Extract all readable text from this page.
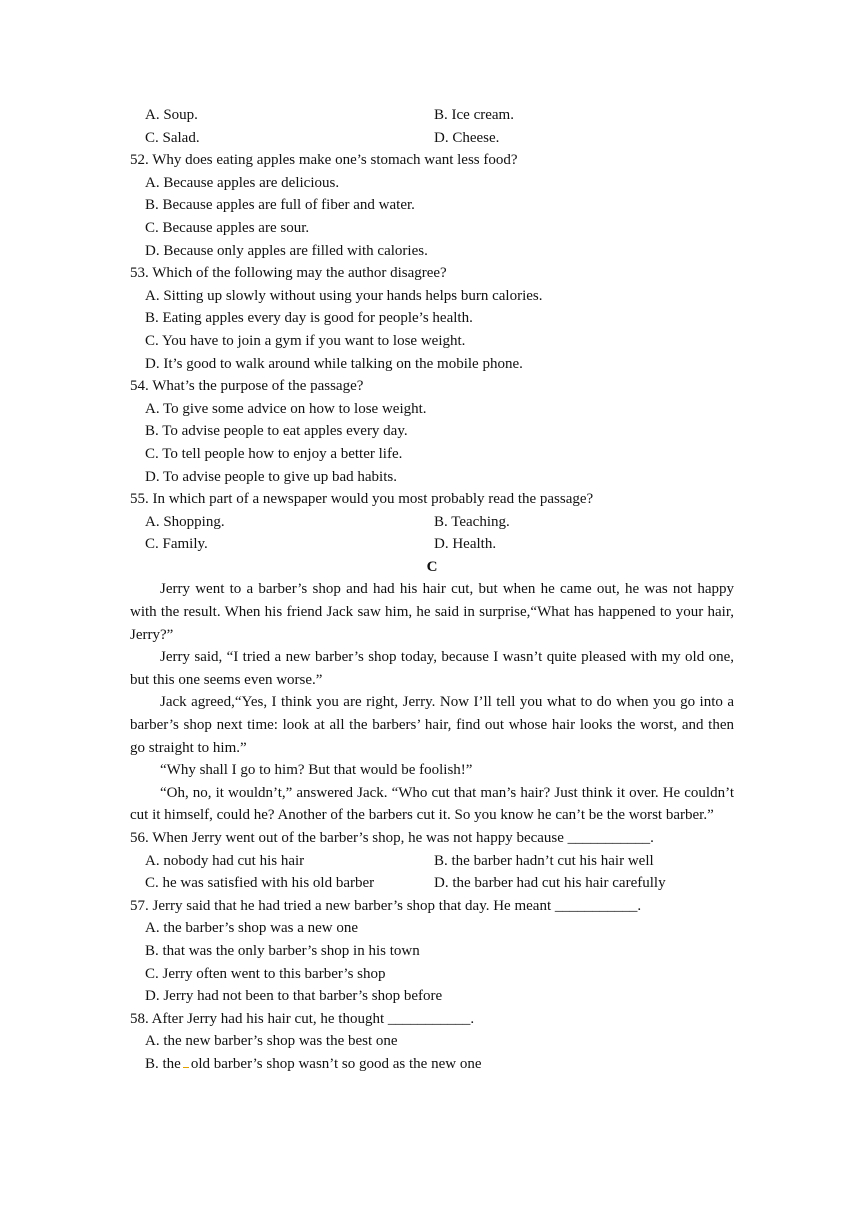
A. Soup.	B. Ice cream.
C. Salad.	D. Cheese.
52. Why does eating apples make one’s stomach want less food?
A. Because apples are delicious.
B. Because apples are full of fiber and water.
C. Because apples are sour.
D. Because only apples are filled with calories.
53. Which of the following may the author disagree?
A. Sitting up slowly without using your hands helps burn calories.
B. Eating apples every day is good for people’s health.
C. You have to join a gym if you want to lose weight.
D. It’s good to walk around while talking on the mobile phone.
54. What’s the purpose of the passage?
A. To give some advice on how to lose weight.
B. To advise people to eat apples every day.
C. To tell people how to enjoy a better life.
D. To advise people to give up bad habits.
55. In which part of a newspaper would you most probably read the passage?
A. Shopping.	B. Teaching.
C. Family.	D. Health.
C

Jerry went to a barber’s shop and had his hair cut, but when he came out, he was not happy with the result. When his friend Jack saw him, he said in surprise,“What has happened to your hair, Jerry?”

Jerry said, “I tried a new barber’s shop today, because I wasn’t quite pleased with my old one, but this one seems even worse.”

Jack agreed,“Yes, I think you are right, Jerry. Now I’ll tell you what to do when you go into a barber’s shop next time: look at all the barbers’ hair, find out whose hair looks the worst, and then go straight to him.”

“Why shall I go to him? But that would be foolish!”

“Oh, no, it wouldn’t,” answered Jack. “Who cut that man’s hair? Just think it over. He couldn’t cut it himself, could he? Another of the barbers cut it. So you know he can’t be the worst barber.”

56. When Jerry went out of the barber’s shop, he was not happy because ___________.
A. nobody had cut his hair	B. the barber hadn’t cut his hair well
C. he was satisfied with his old barber	D. the barber had cut his hair carefully
57. Jerry said that he had tried a new barber’s shop that day. He meant ___________.
A. the barber’s shop was a new one
B. that was the only barber’s shop in his town
C. Jerry often went to this barber’s shop
D. Jerry had not been to that barber’s shop before
58. After Jerry had his hair cut, he thought ___________.
A. the new barber’s shop was the best one
B. the old barber’s shop wasn’t so good as the new one
